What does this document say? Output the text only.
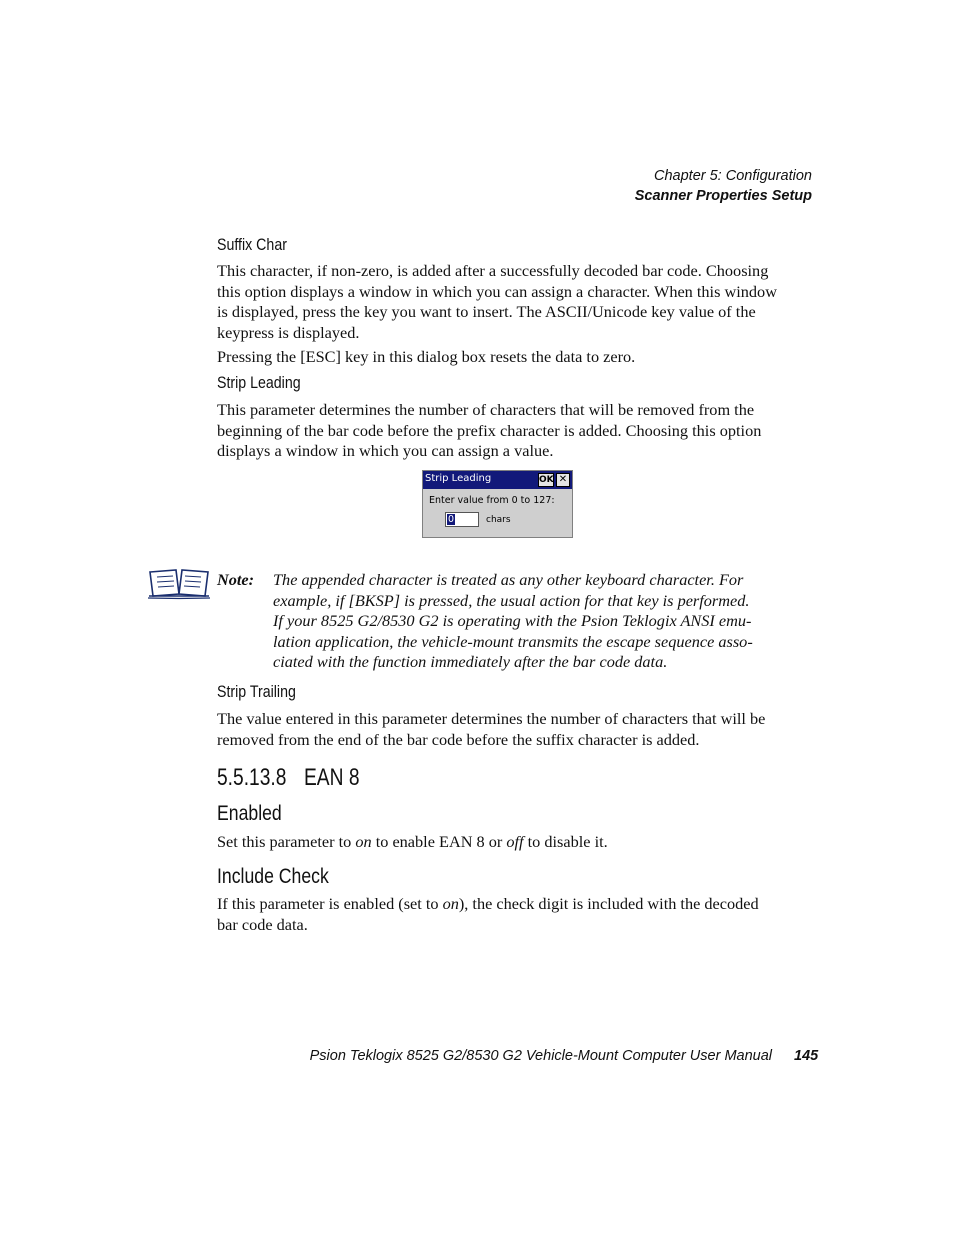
Chapter 5: Configuration
Scanner Properties Setup
Suffix Char

This character, if non-zero, is added after a successfully decoded bar code. Choosing this option displays a window in which you can assign a character. When this window is displayed, press the key you want to insert. The ASCII/Unicode key value of the keypress is displayed.

Pressing the [ESC] key in this dialog box resets the data to zero.

Strip Leading

This parameter determines the number of characters that will be removed from the beginning of the bar code before the prefix character is added. Choosing this option displays a window in which you can assign a value.

Strip Leading	OK ✕
Enter value from 0 to 127:
0	chars
Note: The appended character is treated as any other keyboard character. For

example, if [BKSP] is pressed, the usual action for that key is performed.

If your 8525 G2/8530 G2 is operating with the Psion Teklogix ANSI emu-

lation application, the vehicle-mount transmits the escape sequence asso-

ciated with the function immediately after the bar code data.

Strip Trailing

The value entered in this parameter determines the number of characters that will be removed from the end of the bar code before the suffix character is added.

5.5.13.8 EAN 8
Enabled

Set this parameter to on to enable EAN 8 or off to disable it.

Include Check

If this parameter is enabled (set to on), the check digit is included with the decoded bar code data.

Psion Teklogix 8525 G2/8530 G2 Vehicle-Mount Computer User Manual 145
